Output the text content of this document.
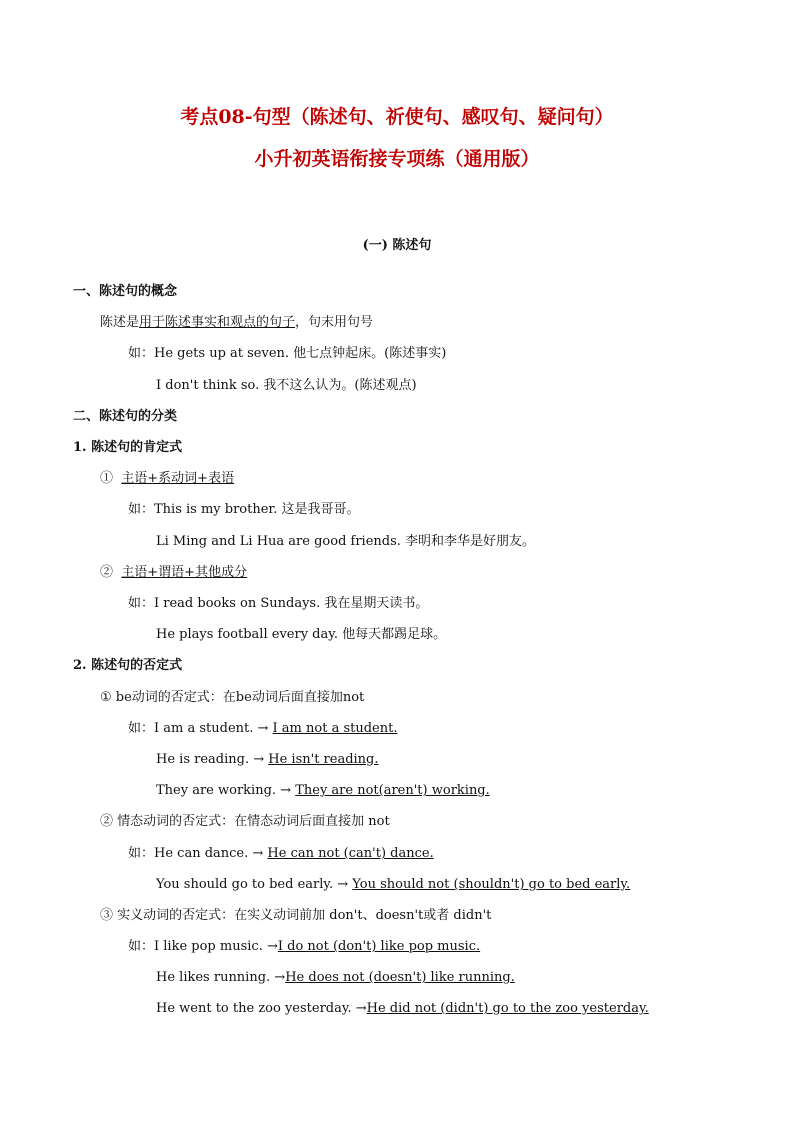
考点08-句型（陈述句、祈使句、感叹句、疑问句）
小升初英语衔接专项练（通用版）
(一) 陈述句
一、陈述句的概念
陈述是用于陈述事实和观点的句子，句末用句号
如：He gets up at seven. 他七点钟起床。(陈述事实)
I don't think so. 我不这么认为。(陈述观点)
二、陈述句的分类
1. 陈述句的肯定式
① 主语+系动词+表语
如：This is my brother. 这是我哥哥。
Li Ming and Li Hua are good friends. 李明和李华是好朋友。
② 主语+谓语+其他成分
如：I read books on Sundays. 我在星期天读书。
He plays football every day. 他每天都踢足球。
2. 陈述句的否定式
① be动词的否定式：在be动词后面直接加not
如：I am a student. → I am not a student.
He is reading. → He isn't reading.
They are working. → They are not(aren't) working.
② 情态动词的否定式：在情态动词后面直接加 not
如：He can dance. → He can not (can't) dance.
You should go to bed early. → You should not (shouldn't) go to bed early.
③ 实义动词的否定式：在实义动词前加 don't、doesn't或者 didn't
如：I like pop music. →I do not (don't) like pop music.
He likes running. →He does not (doesn't) like running.
He went to the zoo yesterday. →He did not (didn't) go to the zoo yesterday.
